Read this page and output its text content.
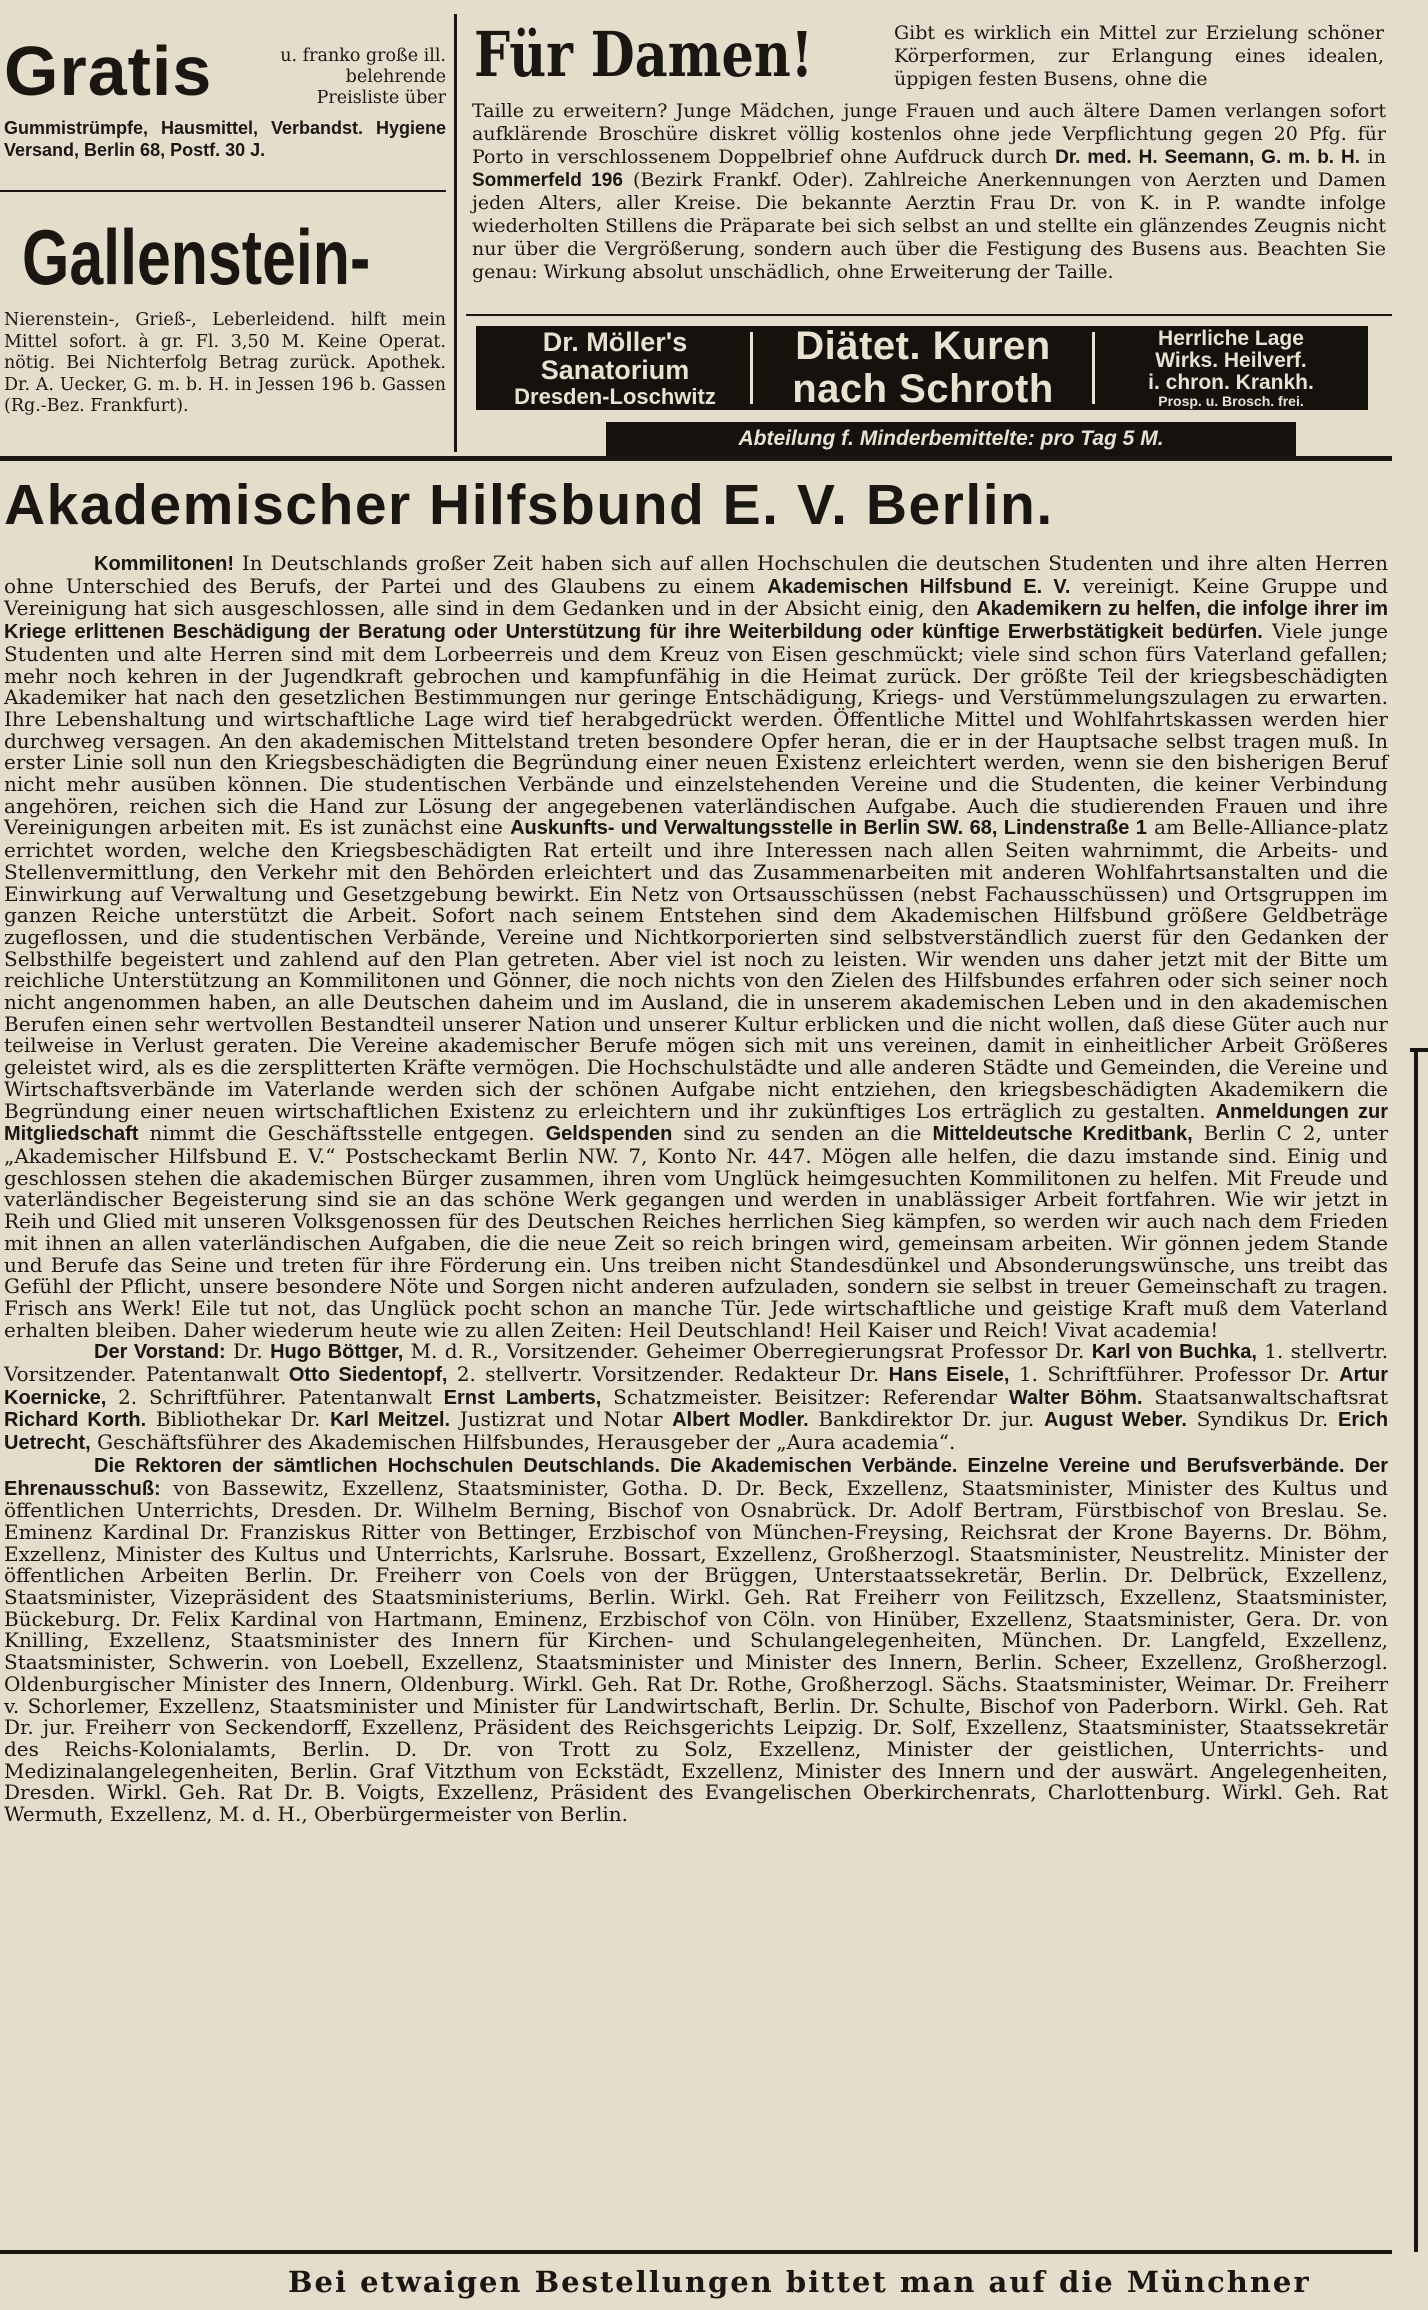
Gratis	u. franko große ill. belehrende Preisliste über
Gummistrümpfe, Hausmittel, Verbandst. Hygiene Versand, Berlin 68, Postf. 30 J.
Gallenstein-
Nierenstein-, Grieß-, Leberleidend. hilft mein Mittel sofort. à gr. Fl. 3,50 M. Keine Operat. nötig. Bei Nichterfolg Betrag zurück. Apothek. Dr. A. Uecker, G. m. b. H. in Jessen 196 b. Gassen (Rg.-Bez. Frankfurt).
Für Damen!	Gibt es wirklich ein Mittel zur Erzielung schöner Körperformen, zur Erlangung eines idealen, üppigen festen Busens, ohne die
Taille zu erweitern? Junge Mädchen, junge Frauen und auch ältere Damen verlangen sofort aufklärende Broschüre diskret völlig kostenlos ohne jede Verpflichtung gegen 20 Pfg. für Porto in verschlossenem Doppelbrief ohne Aufdruck durch Dr. med. H. Seemann, G. m. b. H. in Sommerfeld 196 (Bezirk Frankf. Oder). Zahlreiche Anerkennungen von Aerzten und Damen jeden Alters, aller Kreise. Die bekannte Aerztin Frau Dr. von K. in P. wandte infolge wiederholten Stillens die Präparate bei sich selbst an und stellte ein glänzendes Zeugnis nicht nur über die Vergrößerung, sondern auch über die Festigung des Busens aus. Beachten Sie genau: Wirkung absolut unschädlich, ohne Erweiterung der Taille.
Dr. Möller's
Sanatorium
Dresden-Loschwitz
Diätet. Kuren
nach Schroth
Herrliche Lage
Wirks. Heilverf.
i. chron. Krankh.
Prosp. u. Brosch. frei.
Abteilung f. Minderbemittelte: pro Tag 5 M.
Akademischer Hilfsbund E. V. Berlin.

Kommilitonen! In Deutschlands großer Zeit haben sich auf allen Hochschulen die deutschen Studenten und ihre alten Herren ohne Unterschied des Berufs, der Partei und des Glaubens zu einem Akademischen Hilfsbund E. V. vereinigt. Keine Gruppe und Vereinigung hat sich ausgeschlossen, alle sind in dem Gedanken und in der Absicht einig, den Akademikern zu helfen, die infolge ihrer im Kriege erlittenen Beschädigung der Beratung oder Unterstützung für ihre Weiterbildung oder künftige Erwerbstätigkeit bedürfen. Viele junge Studenten und alte Herren sind mit dem Lorbeerreis und dem Kreuz von Eisen geschmückt; viele sind schon fürs Vaterland gefallen; mehr noch kehren in der Jugendkraft gebrochen und kampfunfähig in die Heimat zurück. Der größte Teil der kriegsbeschädigten Akademiker hat nach den gesetzlichen Bestimmungen nur geringe Entschädigung, Kriegs- und Verstümmelungszulagen zu erwarten. Ihre Lebenshaltung und wirtschaftliche Lage wird tief herabgedrückt werden. Öffentliche Mittel und Wohlfahrtskassen werden hier durchweg versagen. An den akademischen Mittelstand treten besondere Opfer heran, die er in der Hauptsache selbst tragen muß. In erster Linie soll nun den Kriegsbeschädigten die Begründung einer neuen Existenz erleichtert werden, wenn sie den bisherigen Beruf nicht mehr ausüben können. Die studentischen Verbände und einzelstehenden Vereine und die Studenten, die keiner Verbindung angehören, reichen sich die Hand zur Lösung der angegebenen vaterländischen Aufgabe. Auch die studierenden Frauen und ihre Vereinigungen arbeiten mit. Es ist zunächst eine Auskunfts- und Verwaltungsstelle in Berlin SW. 68, Lindenstraße 1 am Belle-Alliance-platz errichtet worden, welche den Kriegsbeschädigten Rat erteilt und ihre Interessen nach allen Seiten wahrnimmt, die Arbeits- und Stellenvermittlung, den Verkehr mit den Behörden erleichtert und das Zusammenarbeiten mit anderen Wohlfahrtsanstalten und die Einwirkung auf Verwaltung und Gesetzgebung bewirkt. Ein Netz von Ortsausschüssen (nebst Fachausschüssen) und Ortsgruppen im ganzen Reiche unterstützt die Arbeit. Sofort nach seinem Entstehen sind dem Akademischen Hilfsbund größere Geldbeträge zugeflossen, und die studentischen Verbände, Vereine und Nichtkorporierten sind selbstverständlich zuerst für den Gedanken der Selbsthilfe begeistert und zahlend auf den Plan getreten. Aber viel ist noch zu leisten. Wir wenden uns daher jetzt mit der Bitte um reichliche Unterstützung an Kommilitonen und Gönner, die noch nichts von den Zielen des Hilfsbundes erfahren oder sich seiner noch nicht angenommen haben, an alle Deutschen daheim und im Ausland, die in unserem akademischen Leben und in den akademischen Berufen einen sehr wertvollen Bestandteil unserer Nation und unserer Kultur erblicken und die nicht wollen, daß diese Güter auch nur teilweise in Verlust geraten. Die Vereine akademischer Berufe mögen sich mit uns vereinen, damit in einheitlicher Arbeit Größeres geleistet wird, als es die zersplitterten Kräfte vermögen. Die Hochschulstädte und alle anderen Städte und Gemeinden, die Vereine und Wirtschaftsverbände im Vaterlande werden sich der schönen Aufgabe nicht entziehen, den kriegsbeschädigten Akademikern die Begründung einer neuen wirtschaftlichen Existenz zu erleichtern und ihr zukünftiges Los erträglich zu gestalten. Anmeldungen zur Mitgliedschaft nimmt die Geschäftsstelle entgegen. Geldspenden sind zu senden an die Mitteldeutsche Kreditbank, Berlin C 2, unter „Akademischer Hilfsbund E. V.“ Postscheckamt Berlin NW. 7, Konto Nr. 447. Mögen alle helfen, die dazu imstande sind. Einig und geschlossen stehen die akademischen Bürger zusammen, ihren vom Unglück heimgesuchten Kommilitonen zu helfen. Mit Freude und vaterländischer Begeisterung sind sie an das schöne Werk gegangen und werden in unablässiger Arbeit fortfahren. Wie wir jetzt in Reih und Glied mit unseren Volksgenossen für des Deutschen Reiches herrlichen Sieg kämpfen, so werden wir auch nach dem Frieden mit ihnen an allen vaterländischen Aufgaben, die die neue Zeit so reich bringen wird, gemeinsam arbeiten. Wir gönnen jedem Stande und Berufe das Seine und treten für ihre Förderung ein. Uns treiben nicht Standesdünkel und Absonderungswünsche, uns treibt das Gefühl der Pflicht, unsere besondere Nöte und Sorgen nicht anderen aufzuladen, sondern sie selbst in treuer Gemeinschaft zu tragen. Frisch ans Werk! Eile tut not, das Unglück pocht schon an manche Tür. Jede wirtschaftliche und geistige Kraft muß dem Vaterland erhalten bleiben. Daher wiederum heute wie zu allen Zeiten: Heil Deutschland! Heil Kaiser und Reich! Vivat academia!

Der Vorstand: Dr. Hugo Böttger, M. d. R., Vorsitzender. Geheimer Oberregierungsrat Professor Dr. Karl von Buchka, 1. stellvertr. Vorsitzender. Patentanwalt Otto Siedentopf, 2. stellvertr. Vorsitzender. Redakteur Dr. Hans Eisele, 1. Schriftführer. Professor Dr. Artur Koernicke, 2. Schriftführer. Patentanwalt Ernst Lamberts, Schatzmeister. Beisitzer: Referendar Walter Böhm. Staatsanwaltschaftsrat Richard Korth. Bibliothekar Dr. Karl Meitzel. Justizrat und Notar Albert Modler. Bankdirektor Dr. jur. August Weber. Syndikus Dr. Erich Uetrecht, Geschäftsführer des Akademischen Hilfsbundes, Herausgeber der „Aura academia“.

Die Rektoren der sämtlichen Hochschulen Deutschlands. Die Akademischen Verbände. Einzelne Vereine und Berufsverbände. Der Ehrenausschuß: von Bassewitz, Exzellenz, Staatsminister, Gotha. D. Dr. Beck, Exzellenz, Staatsminister, Minister des Kultus und öffentlichen Unterrichts, Dresden. Dr. Wilhelm Berning, Bischof von Osnabrück. Dr. Adolf Bertram, Fürstbischof von Breslau. Se. Eminenz Kardinal Dr. Franziskus Ritter von Bettinger, Erzbischof von München-Freysing, Reichsrat der Krone Bayerns. Dr. Böhm, Exzellenz, Minister des Kultus und Unterrichts, Karlsruhe. Bossart, Exzellenz, Großherzogl. Staatsminister, Neustrelitz. Minister der öffentlichen Arbeiten Berlin. Dr. Freiherr von Coels von der Brüggen, Unterstaatssekretär, Berlin. Dr. Delbrück, Exzellenz, Staatsminister, Vizepräsident des Staatsministeriums, Berlin. Wirkl. Geh. Rat Freiherr von Feilitzsch, Exzellenz, Staatsminister, Bückeburg. Dr. Felix Kardinal von Hartmann, Eminenz, Erzbischof von Cöln. von Hinüber, Exzellenz, Staatsminister, Gera. Dr. von Knilling, Exzellenz, Staatsminister des Innern für Kirchen- und Schulangelegenheiten, München. Dr. Langfeld, Exzellenz, Staatsminister, Schwerin. von Loebell, Exzellenz, Staatsminister und Minister des Innern, Berlin. Scheer, Exzellenz, Großherzogl. Oldenburgischer Minister des Innern, Oldenburg. Wirkl. Geh. Rat Dr. Rothe, Großherzogl. Sächs. Staatsminister, Weimar. Dr. Freiherr v. Schorlemer, Exzellenz, Staatsminister und Minister für Landwirtschaft, Berlin. Dr. Schulte, Bischof von Paderborn. Wirkl. Geh. Rat Dr. jur. Freiherr von Seckendorff, Exzellenz, Präsident des Reichsgerichts Leipzig. Dr. Solf, Exzellenz, Staatsminister, Staatssekretär des Reichs-Kolonialamts, Berlin. D. Dr. von Trott zu Solz, Exzellenz, Minister der geistlichen, Unterrichts- und Medizinalangelegenheiten, Berlin. Graf Vitzthum von Eckstädt, Exzellenz, Minister des Innern und der auswärt. Angelegenheiten, Dresden. Wirkl. Geh. Rat Dr. B. Voigts, Exzellenz, Präsident des Evangelischen Oberkirchenrats, Charlottenburg. Wirkl. Geh. Rat Wermuth, Exzellenz, M. d. H., Oberbürgermeister von Berlin.

Bei etwaigen Bestellungen bittet man auf die Münchner
